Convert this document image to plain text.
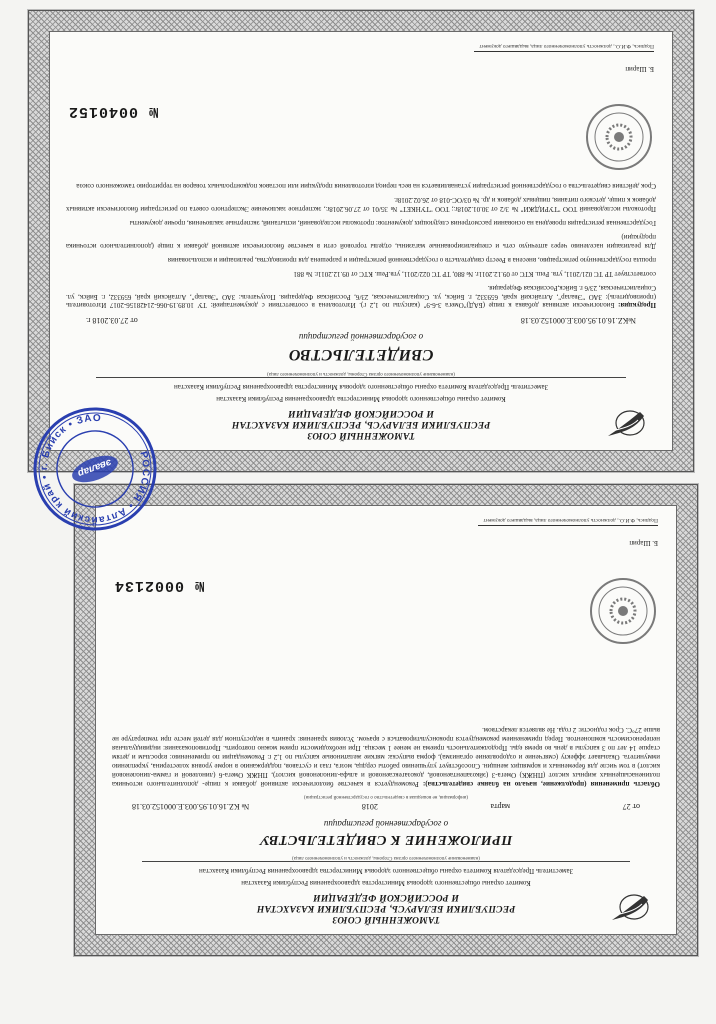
ТАМОЖЕННЫЙ СОЮЗ
РЕСПУБЛИКИ БЕЛАРУСЬ, РЕСПУБЛИКИ КАЗАХСТАН
И РОССИЙСКОЙ ФЕДЕРАЦИИ
Комитет охраны общественного здоровья Министерства здравоохранения Республики Казахстан
Заместитель Председателя Комитета охраны общественного здоровья Министерства здравоохранения Республики Казахстан
(наименование уполномоченного органа Стороны, должность и уполномоченного лица)
СВИДЕТЕЛЬСТВО
о государственной регистрации
№KZ.16.01.95.003.Е.000152.03.18
от 27.03.2018 г.
Продукция: Биологически активная добавка к пище (БАД)"Омега 3-6-9" (капсулы по 1,2 г). Изготовлена в соответствии с документацией: ТУ 10.89.19-066-21428156-2017 Изготовитель (производитель): ЗАО "Эвалар", Алтайский край, 659332, г. Бийск, ул. Социалистическая, 23/6, Российская Федерация. Получатель: ЗАО "Эвалар", Алтайский край, 659332, г. Бийск, ул. Социалистическая, 23/6 г. Бийск,Российская Федерация.
соответствует ТР ТС 021/2011, утв. Реш. КТС от 09.12.2011г. № 880, ТР ТС 022/2011, утв.Реш. КТС от 09.12.2011г. № 881
прошла государственную регистрацию, внесена в Реестр свидетельств о государственной регистрации и разрешена для производства, реализации и использования
Для реализации населению через аптечную сеть и специализированные магазины, отделы торговой сети в качестве биологически активной добавки к пище (дополнительного источника продукции)
Государственная регистрация проведена на основании рассмотрения следующих документов: протоколы исследований, испытаний, экспертные заключения, прочие документы
Протоколы исследований ТОО "ТУРИДЖИ" № 3/2 от 30.01.2018г.; ТОО "ТУНКЕТ" № 35/01 от 27.06.2018г., экспертное заключение Экспертного совета по регистрации биологически активных добавок к пище, детского питания, пищевых добавок и др. № 03/ОС-018 от 26.02.2018г.
Срок действия свидетельства о государственной регистрации устанавливается на весь период изготовления продукции или поставок подконтрольных товаров на территорию таможенного союза
№ 0040152
Б. Шарип
Подпись, Ф.И.О., должность уполномоченного лица, выдавшего документ
ТАМОЖЕННЫЙ СОЮЗ
РЕСПУБЛИКИ БЕЛАРУСЬ, РЕСПУБЛИКИ КАЗАХСТАН
И РОССИЙСКОЙ ФЕДЕРАЦИИ
Комитет охраны общественного здоровья Министерства здравоохранения Республики Казахстан
Заместитель Председателя Комитета охраны общественного здоровья Министерства здравоохранения Республики Казахстан
(наименование уполномоченного органа Стороны, должность и уполномоченного лица)
ПРИЛОЖЕНИЕ К СВИДЕТЕЛЬСТВУ
о государственной регистрации
от 27
марта
2018
№ KZ.16.01.95.003.Е.000152.03.18
(информация, не вошедшая в свидетельство о государственной регистрации)
Область применения (продолжение, начало на бланке свидетельства): Рекомендуется в качестве биологически активной добавки к пище- дополнительного источника полиненасыщенных жирных кислот (ПНЖК) Омега-3 (эйкозапентаеновой, докозагексаеновой и альфа-линоленовой кислот), ПНЖК Омега-6 (линолевой и гамма-линоленовой кислот) в том числе для беременных и кормящих женщин. Способствует улучшению работы сердца, мозга, глаз и суставов, поддержанию в норме уровня холестерина, укреплению иммунитета. Оказывает эффекту (смягчение и оздоровление организма), форма выпуска: мягкие желатиновые капсулы по 1,2 г. Рекомендации по применению: взрослым и детям старше 14 лет по 3 капсулы в день во время еды. Продолжительность приема не менее 1 месяца. При необходимости прием можно повторить. Противопоказания: индивидуальная непереносимость компонентов. Перед применением рекомендуется проконсультироваться с врачом. Условия хранения: хранить в недоступном для детей месте при температуре не выше 27°С. Срок годности: 2 года. Не является лекарством.
№ 0002134
Б. Шарип
Подпись, Ф.И.О., должность уполномоченного лица, выдавшего документ
РОССИЯ • Алтайский край • г. Бийск • ЗАО
эвалар
